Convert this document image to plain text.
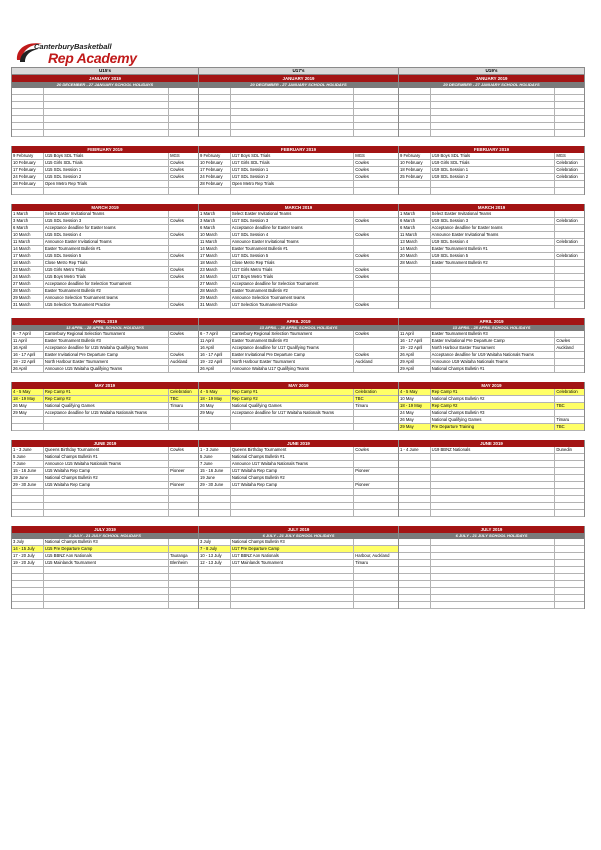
CanterburyBasketball
Rep Academy
U15's	U17's	U19's
JANUARY 2019
20 DECEMBER - 27 JANUARY SCHOOL HOLIDAYS
JANUARY 2019
20 DECEMBER - 27 JANUARY SCHOOL HOLIDAYS
JANUARY 2019
20 DECEMBER - 27 JANUARY SCHOOL HOLIDAYS
FEBRUARY 2019
9 February	U15 Boys SDL Trials	MGS
10 February	U15 Girls SDL Trials	Cowles
17 February	U15 SDL Session 1	Cowles
24 February	U15 SDL Session 2	Cowles
28 February	Open Metro Rep Trials
FEBRUARY 2019
9 February	U17 Boys SDL Trials	MGS
10 February	U17 Girls SDL Trials	Cowles
17 February	U17 SDL Session 1	Cowles
24 February	U17 SDL Session 2	Cowles
28 February	Open Metro Rep Trials
FEBRUARY 2019
9 February	U19 Boys SDL Trials	MGS
10 February	U19 Girls SDL Trials	Celebration
18 February	U19 SDL Session 1	Celebration
25 February	U19 SDL Session 2	Celebration
MARCH 2019
1 March	Select Easter Invitational Teams
3 March	U15 SDL Session 3	Cowles
6 March	Acceptance deadline for Easter teams
10 March	U15 SDL Session 4	Cowles
11 March	Announce Easter Invitational Teams
14 March	Easter Tournament Bulletin #1
17 March	U15 SDL Session 5	Cowles
18 March	Close Metro Rep Trials
23 March	U15 Girls Metro Trials	Cowles
24 March	U15 Boys Metro Trials	Cowles
27 March	Acceptance deadline for Selection Tournament
28 March	Easter Tournament Bulletin #2
29 March	Announce Selection Tournament teams
31 March	U15 Selection Tournament Practice	Cowles
MARCH 2019
1 March	Select Easter Invitational Teams
3 March	U17 SDL Session 3	Cowles
6 March	Acceptance deadline for Easter teams
10 March	U17 SDL Session 4	Cowles
11 March	Announce Easter Invitational Teams
14 March	Easter Tournament Bulletin #1
17 March	U17 SDL Session 5	Cowles
18 March	Close Metro Rep Trials
23 March	U17 Girls Metro Trials	Cowles
24 March	U17 Boys Metro Trials	Cowles
27 March	Acceptance deadline for Selection Tournament
28 March	Easter Tournament Bulletin #2
29 March	Announce Selection Tournament teams
31 March	U17 Selection Tournament Practice	Cowles
MARCH 2019
1 March	Select Easter Invitational Teams
6 March	U19 SDL Session 3	Celebration
6 March	Acceptance deadline for Easter teams
11 March	Announce Easter Invitational Teams
13 March	U19 SDL Session 4	Celebration
14 March	Easter Tournament Bulletin #1
20 March	U19 SDL Session 5	Celebration
28 March	Easter Tournament Bulletin #2
APRIL 2019
13 APRIL - 28 APRIL SCHOOL HOLIDAYS
6 - 7 April	Canterbury Regional Selection Tournament	Cowles
11 April	Easter Tournament Bulletin #3
16 April	Acceptance deadline for U15 Waitaha Qualifying Teams
16 - 17 April	Easter Invitational Pre Departure Camp	Cowles
19 - 22 April	North Harbour Easter Tournament	Auckland
26 April	Announce U15 Waitaha Qualifying Teams
APRIL 2019
13 APRIL - 28 APRIL SCHOOL HOLIDAYS
6 - 7 April	Canterbury Regional Selection Tournament	Cowles
11 April	Easter Tournament Bulletin #3
16 April	Acceptance deadline for U17 Qualifying Teams
16 - 17 April	Easter Invitational Pre Departure Camp	Cowles
19 - 22 April	North Harbour Easter Tournament	Auckland
26 April	Announce Waitaha U17 Qualifying Teams
APRIL 2019
13 APRIL - 28 APRIL SCHOOL HOLIDAYS
11 April	Easter Tournament Bulletin #3
16 - 17 April	Easter Invitational Pre Departure Camp	Cowles
19 - 22 April	North Harbour Easter Tournament	Auckland
26 April	Acceptance deadline for U19 Waitaha Nationals Teams
29 April	Announce U19 Waitaha Nationals Teams
29 April	National Champs Bulletin #1
MAY 2019
4 - 5 May	Rep Camp #1	Celebration
18 - 19 May	Rep Camp #2	TBC
26 May	National Qualifying Games	Timaru
29 May	Acceptance deadline for U15 Waitaha Nationals Teams
MAY 2019
4 - 5 May	Rep Camp #1	Celebration
18 - 19 May	Rep Camp #2	TBC
26 May	National Qualifying Games	Timaru
29 May	Acceptance deadline for U17 Waitaha Nationals Teams
MAY 2019
4 - 5 May	Rep Camp #1	Celebration
10 May	National Champs Bulletin #2
18 - 19 May	Rep Camp #2	TBC
24 May	National Champs Bulletin #3
26 May	National Qualifying Games	Timaru
29 May	Pre Departure Training	TBC
JUNE 2019
1 - 3 June	Queens Birthday Tournament	Cowles
5 June	National Champs Bulletin #1
7 June	Announce U15 Waitaha Nationals Teams
15 - 16 June	U15 Waitaha Rep Camp	Pioneer
19 June	National Champs Bulletin #2
29 - 30 June	U15 Waitaha Rep Camp	Pioneer
JUNE 2019
1 - 3 June	Queens Birthday Tournament	Cowles
5 June	National Champs Bulletin #1
7 June	Announce U17 Waitaha Nationals Teams
15 - 16 June	U17 Waitaha Rep Camp	Pioneer
19 June	National Champs Bulletin #2
29 - 30 June	U17 Waitaha Rep Camp	Pioneer
JUNE 2019
1 - 4 June	U19 BBNZ Nationals	Dunedin
JULY 2019
6 JULY - 21 JULY SCHOOL HOLIDAYS
3 July	National Champs Bulletin #3
14 - 15 July	U15 Pre Departure Camp
17 - 20 July	U15 BBNZ Aon Nationals	Tauranga
19 - 20 July	U15 Mainlands Tournament	Blenheim
JULY 2019
6 JULY - 21 JULY SCHOOL HOLIDAYS
3 July	National Champs Bulletin #3
7 - 8 July	U17 Pre Departure Camp
10 - 13 July	U17 BBNZ Aon Nationals	Harbour, Auckland
12 - 13 July	U17 Mainlands Tournament	Timaru
JULY 2019
6 JULY - 21 JULY SCHOOL HOLIDAYS
